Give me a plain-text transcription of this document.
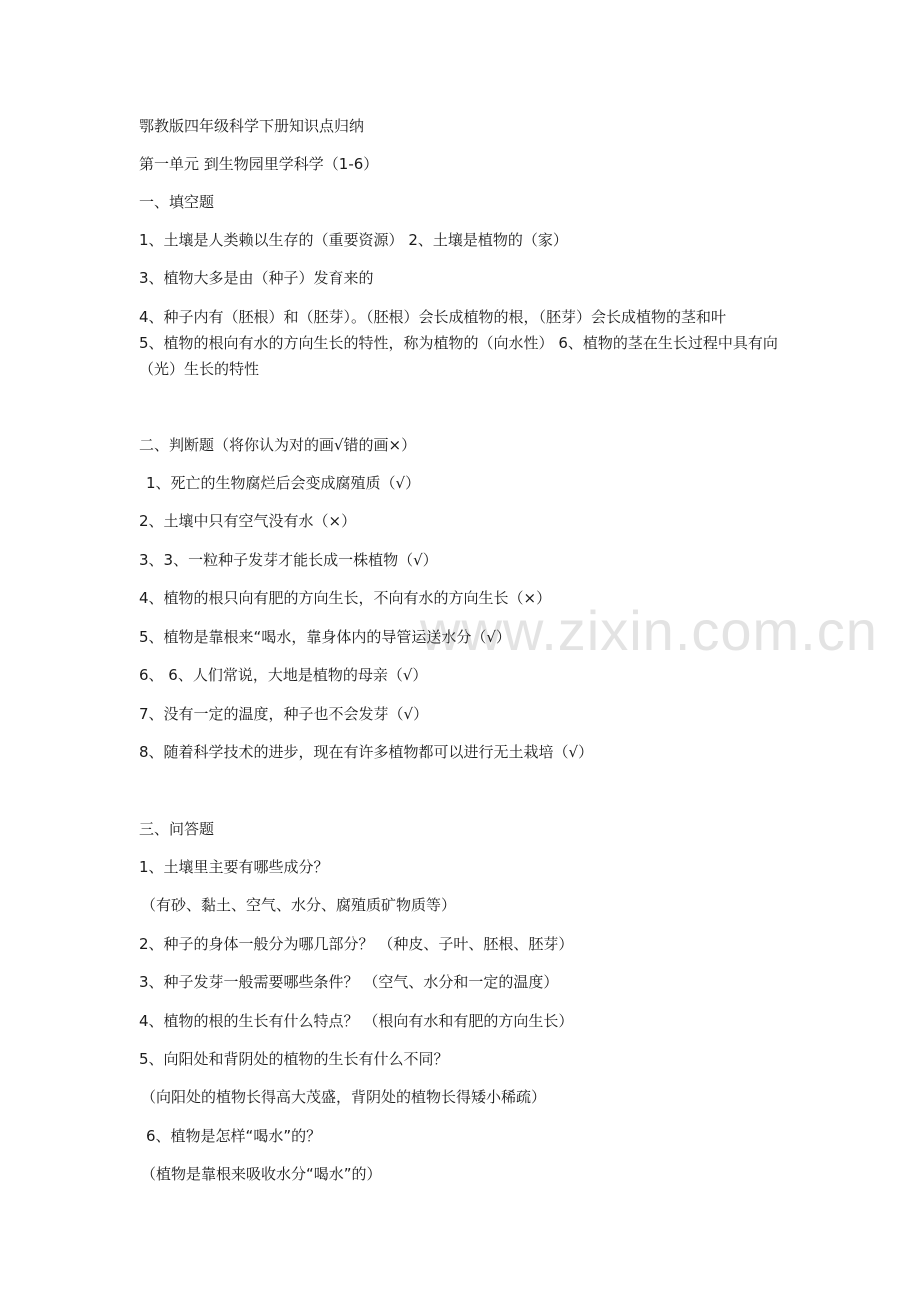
www.zixin.com.cn
鄂教版四年级科学下册知识点归纳
第一单元 到生物园里学科学（1-6）
一、填空题
1、土壤是人类赖以生存的（重要资源） 2、土壤是植物的（家）
3、植物大多是由（种子）发育来的
4、种子内有（胚根）和（胚芽）。（胚根）会长成植物的根，（胚芽）会长成植物的茎和叶
5、植物的根向有水的方向生长的特性，称为植物的（向水性） 6、植物的茎在生长过程中具有向（光）生长的特性
二、判断题（将你认为对的画√错的画×）
1、死亡的生物腐烂后会变成腐殖质（√）
2、土壤中只有空气没有水（×）
3、3、一粒种子发芽才能长成一株植物（√）
4、植物的根只向有肥的方向生长，不向有水的方向生长（×）
5、植物是靠根来“喝水，靠身体内的导管运送水分（√）
6、 6、人们常说，大地是植物的母亲（√）
7、没有一定的温度，种子也不会发芽（√）
8、随着科学技术的进步，现在有许多植物都可以进行无土栽培（√）
三、问答题
1、土壤里主要有哪些成分？
（有砂、黏土、空气、水分、腐殖质矿物质等）
2、种子的身体一般分为哪几部分？ （种皮、子叶、胚根、胚芽）
3、种子发芽一般需要哪些条件？ （空气、水分和一定的温度）
4、植物的根的生长有什么特点？ （根向有水和有肥的方向生长）
5、向阳处和背阴处的植物的生长有什么不同？
（向阳处的植物长得高大茂盛，背阴处的植物长得矮小稀疏）
6、植物是怎样“喝水”的？
（植物是靠根来吸收水分“喝水”的）
